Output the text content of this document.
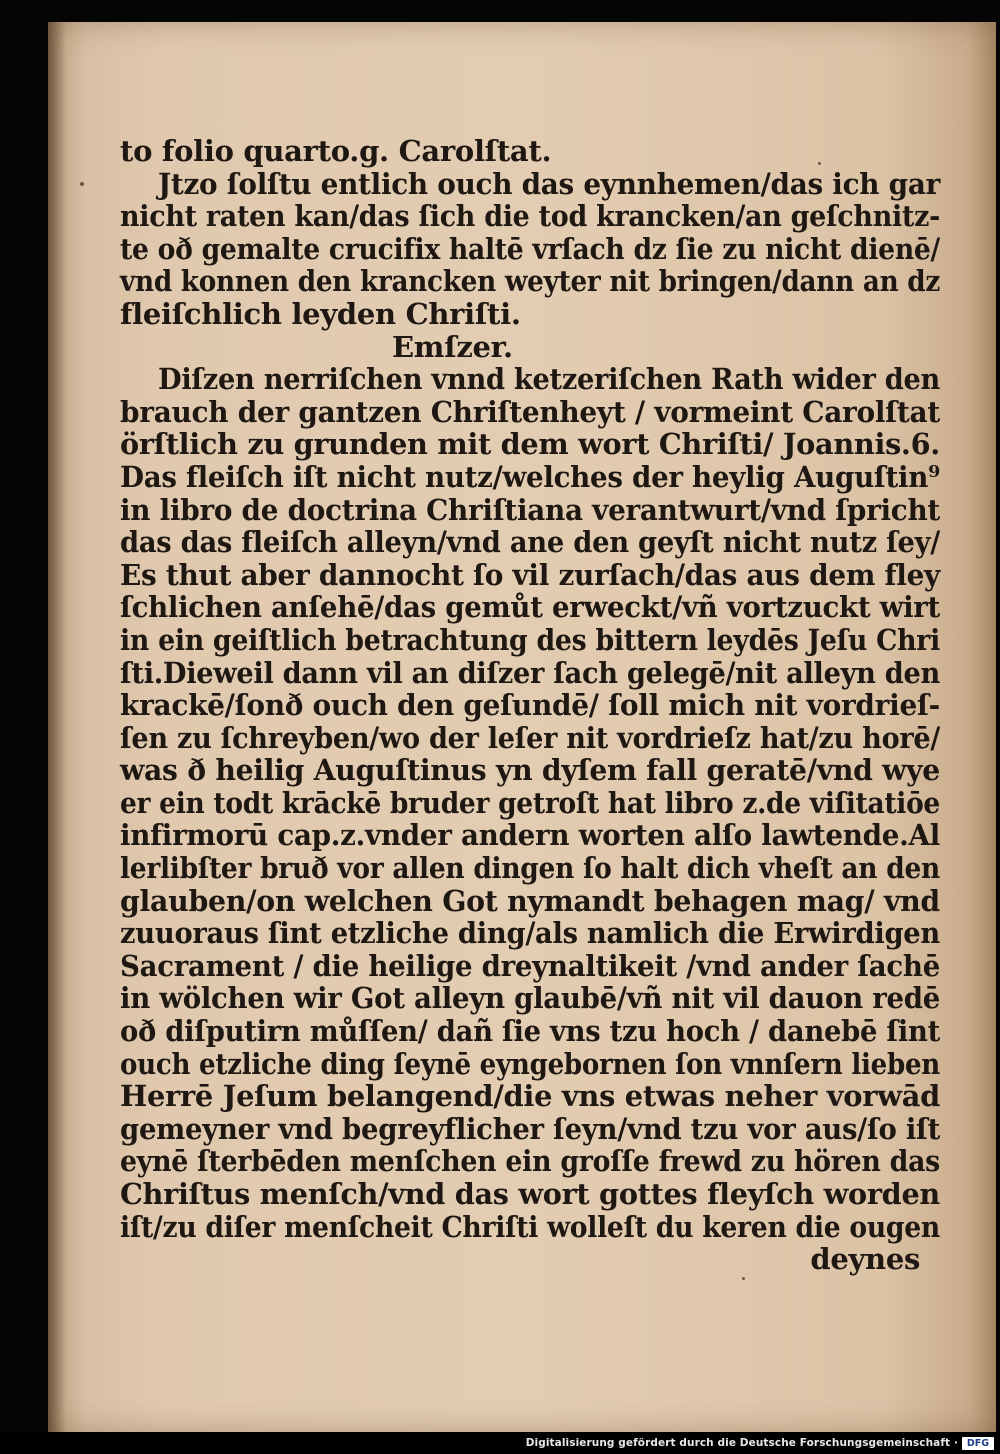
to folio quarto.g. Carolſtat.
Jtzo ſolſtu entlich ouch das eynnhemen/das ich gar
nicht raten kan/das ſich die tod krancken/an geſchnitz-
te oð gemalte crucifix haltē vrſach dz ſie zu nicht dienē/
vnd konnen den krancken weyter nit bringen/dann an dz
fleiſchlich leyden Chriſti.
Emſzer.
Diſzen nerriſchen vnnd ketzeriſchen Rath wider den
brauch der gantzen Chriſtenheyt / vormeint Carolſtat
örſtlich zu grunden mit dem wort Chriſti/ Joannis.6.
Das fleiſch iſt nicht nutz/welches der heylig Auguſtin⁹
in libro de doctrina Chriſtiana verantwurt/vnd ſpricht
das das fleiſch alleyn/vnd ane den geyſt nicht nutz ſey/
Es thut aber dannocht ſo vil zurſach/das aus dem fley
ſchlichen anſehē/das gemůt erweckt/vñ vortzuckt wirt
in ein geiſtlich betrachtung des bittern leydēs Jeſu Chri
ſti.Dieweil dann vil an diſzer ſach gelegē/nit alleyn den
krackē/ſonð ouch den geſundē/ ſoll mich nit vordrieſ-
ſen zu ſchreyben/wo der leſer nit vordrieſz hat/zu horē/
was ð heilig Auguſtinus yn dyſem fall geratē/vnd wye
er ein todt krāckē bruder getroſt hat libro z.de viſitatiōe
infirmorū cap.z.vnder andern worten alſo lawtende.Al
lerlibſter bruð vor allen dingen ſo halt dich vheſt an den
glauben/on welchen Got nymandt behagen mag/ vnd
zuuoraus ſint etzliche ding/als namlich die Erwirdigen
Sacrament / die heilige dreynaltikeit /vnd ander ſachē
in wölchen wir Got alleyn glaubē/vñ nit vil dauon redē
oð diſputirn můſſen/ dañ ſie vns tzu hoch / danebē ſint
ouch etzliche ding ſeynē eyngebornen ſon vnnſern lieben
Herrē Jeſum belangend/die vns etwas neher vorwād
gemeyner vnd begreyflicher ſeyn/vnd tzu vor aus/ſo iſt
eynē ſterbēden menſchen ein groſſe frewd zu hören das
Chriſtus menſch/vnd das wort gottes fleyſch worden
iſt/zu diſer menſcheit Chriſti wolleſt du keren die ougen
deynes
Digitalisierung gefördert durch die Deutsche Forschungsgemeinschaft · DFG
